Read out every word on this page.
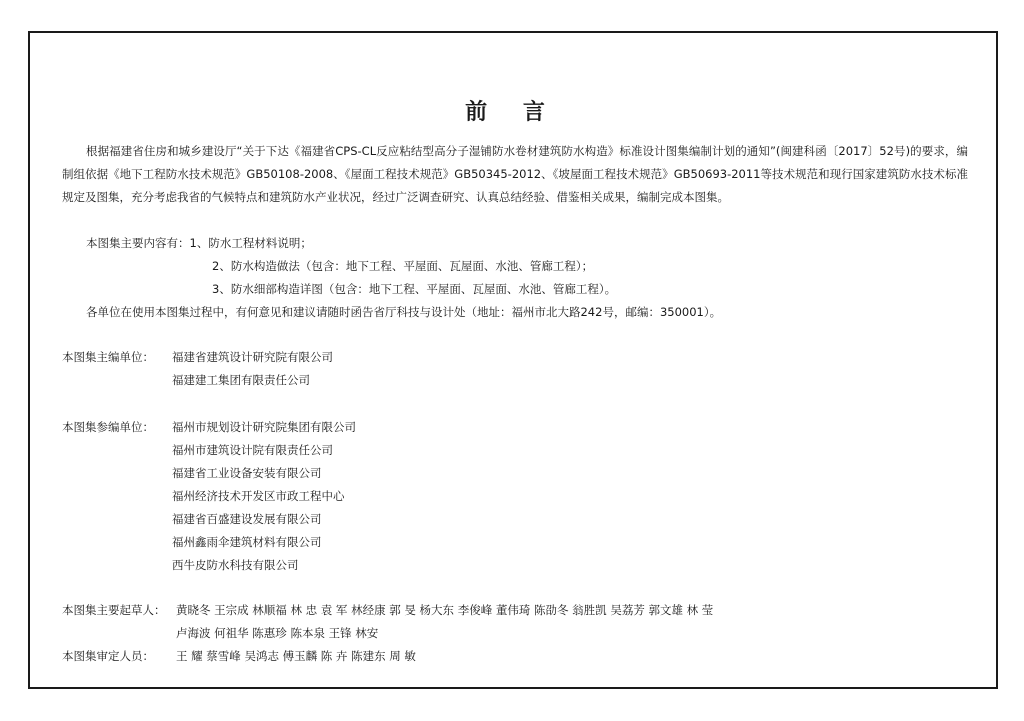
前 言
根据福建省住房和城乡建设厅“关于下达《福建省CPS-CL反应粘结型高分子湿铺防水卷材建筑防水构造》标准设计图集编制计划的通知”(闽建科函〔2017〕52号)的要求，编制组依据《地下工程防水技术规范》GB50108-2008、《屋面工程技术规范》GB50345-2012、《坡屋面工程技术规范》GB50693-2011等技术规范和现行国家建筑防水技术标准规定及图集，充分考虑我省的气候特点和建筑防水产业状况，经过广泛调查研究、认真总结经验、借鉴相关成果，编制完成本图集。
本图集主要内容有：1、防水工程材料说明；
2、防水构造做法（包含：地下工程、平屋面、瓦屋面、水池、管廊工程）；
3、防水细部构造详图（包含：地下工程、平屋面、瓦屋面、水池、管廊工程）。
各单位在使用本图集过程中，有何意见和建议请随时函告省厅科技与设计处（地址：福州市北大路242号，邮编：350001）。
本图集主编单位： 福建省建筑设计研究院有限公司
福建建工集团有限责任公司
本图集参编单位： 福州市规划设计研究院集团有限公司
福州市建筑设计院有限责任公司
福建省工业设备安装有限公司
福州经济技术开发区市政工程中心
福建省百盛建设发展有限公司
福州鑫雨伞建筑材料有限公司
西牛皮防水科技有限公司
本图集主要起草人： 黄晓冬 王宗成 林顺福 林 忠 袁 军 林经康 郭 旻 杨大东 李俊峰 董伟琦 陈劭冬 翁胜凯 吴荔芳 郭文雄 林 莹
卢海波 何祖华 陈惠珍 陈本泉 王锋 林安
本图集审定人员： 王 耀 蔡雪峰 吴鸿志 傅玉麟 陈 卉 陈建东 周 敏
